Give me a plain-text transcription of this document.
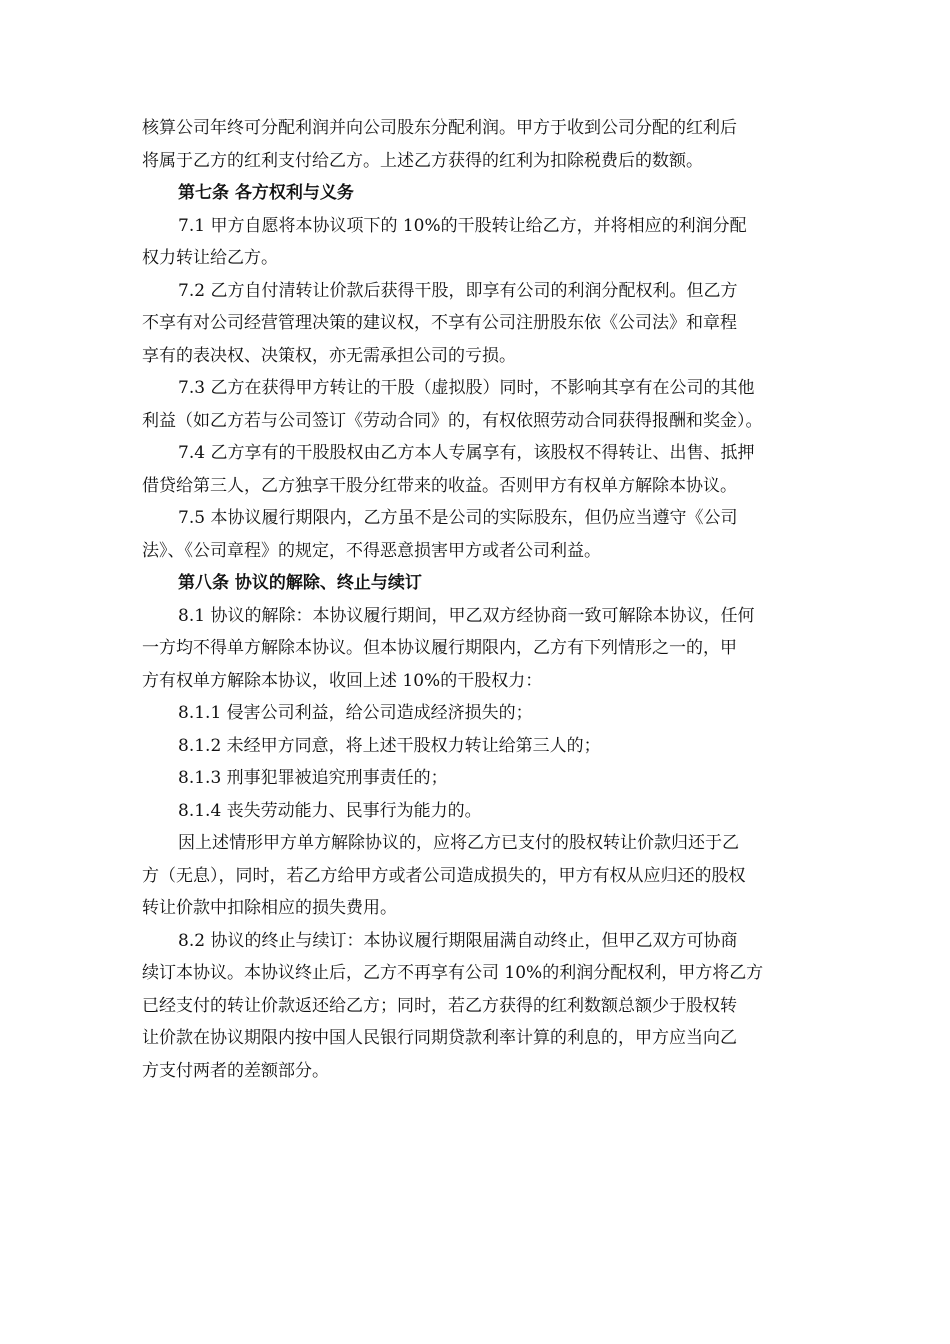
核算公司年终可分配利润并向公司股东分配利润。甲方于收到公司分配的红利后
将属于乙方的红利支付给乙方。上述乙方获得的红利为扣除税费后的数额。

第七条 各方权利与义务

7.1 甲方自愿将本协议项下的 10%的干股转让给乙方，并将相应的利润分配
权力转让给乙方。

7.2 乙方自付清转让价款后获得干股，即享有公司的利润分配权利。但乙方
不享有对公司经营管理决策的建议权，不享有公司注册股东依《公司法》和章程
享有的表决权、决策权，亦无需承担公司的亏损。

7.3 乙方在获得甲方转让的干股（虚拟股）同时，不影响其享有在公司的其他
利益（如乙方若与公司签订《劳动合同》的，有权依照劳动合同获得报酬和奖金）。

7.4 乙方享有的干股股权由乙方本人专属享有，该股权不得转让、出售、抵押
借贷给第三人，乙方独享干股分红带来的收益。否则甲方有权单方解除本协议。

7.5 本协议履行期限内，乙方虽不是公司的实际股东，但仍应当遵守《公司
法》、《公司章程》的规定，不得恶意损害甲方或者公司利益。

第八条 协议的解除、终止与续订

8.1 协议的解除：本协议履行期间，甲乙双方经协商一致可解除本协议，任何
一方均不得单方解除本协议。但本协议履行期限内，乙方有下列情形之一的，甲
方有权单方解除本协议，收回上述 10%的干股权力：

8.1.1 侵害公司利益，给公司造成经济损失的；

8.1.2 未经甲方同意，将上述干股权力转让给第三人的；

8.1.3 刑事犯罪被追究刑事责任的；

8.1.4 丧失劳动能力、民事行为能力的。

因上述情形甲方单方解除协议的，应将乙方已支付的股权转让价款归还于乙
方（无息），同时，若乙方给甲方或者公司造成损失的，甲方有权从应归还的股权
转让价款中扣除相应的损失费用。

8.2 协议的终止与续订：本协议履行期限届满自动终止，但甲乙双方可协商
续订本协议。本协议终止后，乙方不再享有公司 10%的利润分配权利，甲方将乙方
已经支付的转让价款返还给乙方；同时，若乙方获得的红利数额总额少于股权转
让价款在协议期限内按中国人民银行同期贷款利率计算的利息的，甲方应当向乙
方支付两者的差额部分。
